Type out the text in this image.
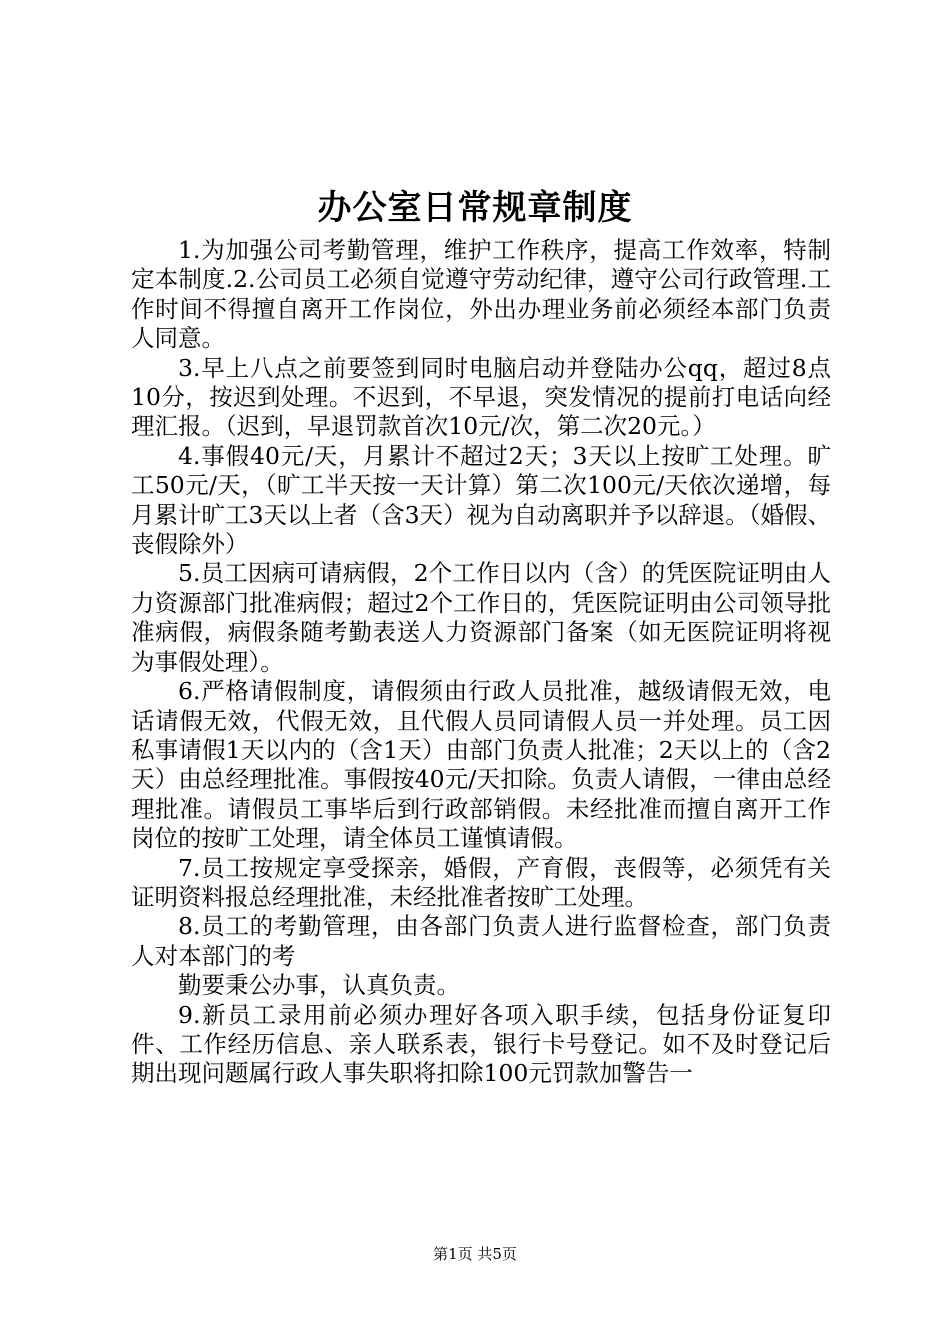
办公室日常规章制度

1.为加强公司考勤管理，维护工作秩序，提高工作效率，特制定本制度.2.公司员工必须自觉遵守劳动纪律，遵守公司行政管理.工作时间不得擅自离开工作岗位，外出办理业务前必须经本部门负责人同意。

3.早上八点之前要签到同时电脑启动并登陆办公qq，超过8点10分，按迟到处理。不迟到，不早退，突发情况的提前打电话向经理汇报。（迟到，早退罚款首次10元/次，第二次20元。）

4.事假40元/天，月累计不超过2天；3天以上按旷工处理。旷工50元/天，（旷工半天按一天计算）第二次100元/天依次递增，每月累计旷工3天以上者（含3天）视为自动离职并予以辞退。（婚假、丧假除外）

5.员工因病可请病假，2个工作日以内（含）的凭医院证明由人力资源部门批准病假；超过2个工作日的，凭医院证明由公司领导批准病假，病假条随考勤表送人力资源部门备案（如无医院证明将视为事假处理）。

6.严格请假制度，请假须由行政人员批准，越级请假无效，电话请假无效，代假无效，且代假人员同请假人员一并处理。员工因私事请假1天以内的（含1天）由部门负责人批准；2天以上的（含2天）由总经理批准。事假按40元/天扣除。负责人请假，一律由总经理批准。请假员工事毕后到行政部销假。未经批准而擅自离开工作岗位的按旷工处理，请全体员工谨慎请假。

7.员工按规定享受探亲，婚假，产育假，丧假等，必须凭有关证明资料报总经理批准，未经批准者按旷工处理。

8.员工的考勤管理，由各部门负责人进行监督检查，部门负责人对本部门的考

勤要秉公办事，认真负责。

9.新员工录用前必须办理好各项入职手续，包括身份证复印件、工作经历信息、亲人联系表，银行卡号登记。如不及时登记后期出现问题属行政人事失职将扣除100元罚款加警告一

第1页 共5页
